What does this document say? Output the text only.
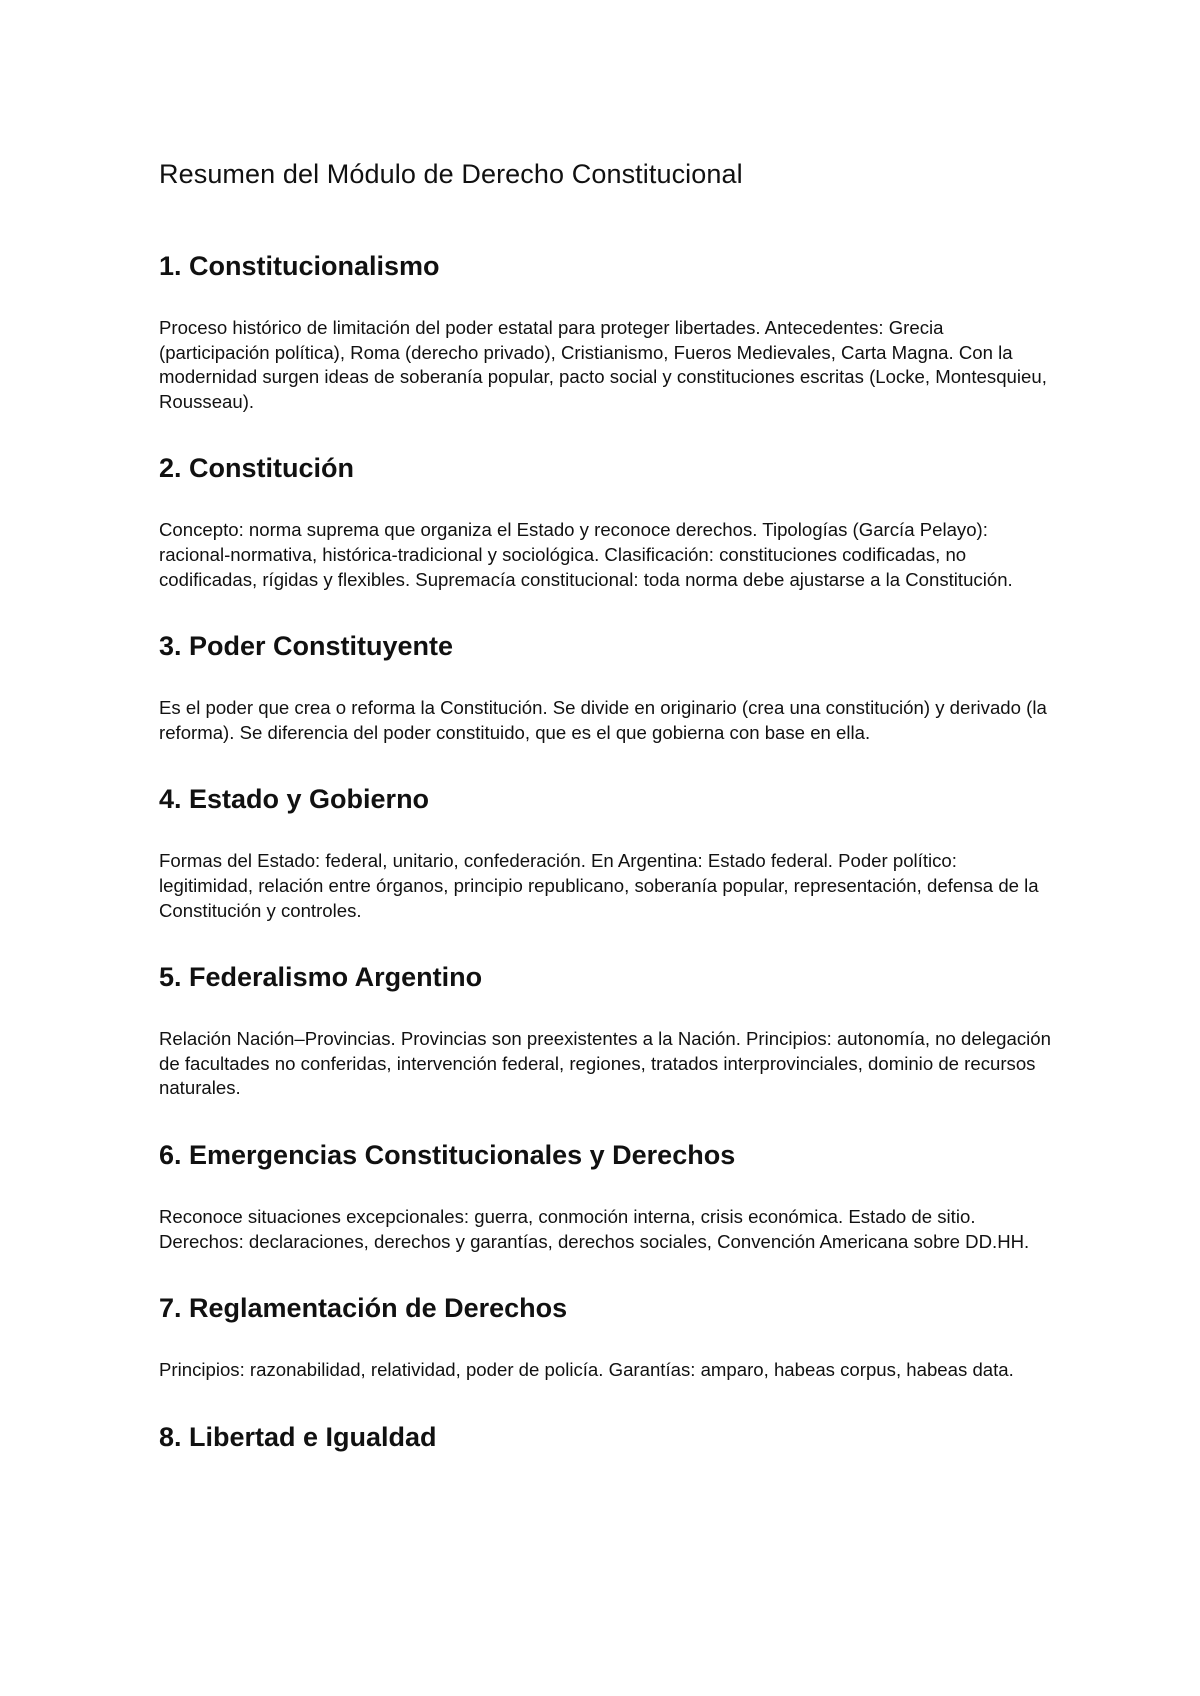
Resumen del Módulo de Derecho Constitucional
1. Constitucionalismo

Proceso histórico de limitación del poder estatal para proteger libertades. Antecedentes: Grecia (participación política), Roma (derecho privado), Cristianismo, Fueros Medievales, Carta Magna. Con la modernidad surgen ideas de soberanía popular, pacto social y constituciones escritas (Locke, Montesquieu, Rousseau).

2. Constitución

Concepto: norma suprema que organiza el Estado y reconoce derechos. Tipologías (García Pelayo): racional-normativa, histórica-tradicional y sociológica. Clasificación: constituciones codificadas, no codificadas, rígidas y flexibles. Supremacía constitucional: toda norma debe ajustarse a la Constitución.

3. Poder Constituyente

Es el poder que crea o reforma la Constitución. Se divide en originario (crea una constitución) y derivado (la reforma). Se diferencia del poder constituido, que es el que gobierna con base en ella.

4. Estado y Gobierno

Formas del Estado: federal, unitario, confederación. En Argentina: Estado federal. Poder político: legitimidad, relación entre órganos, principio republicano, soberanía popular, representación, defensa de la Constitución y controles.

5. Federalismo Argentino

Relación Nación–Provincias. Provincias son preexistentes a la Nación. Principios: autonomía, no delegación de facultades no conferidas, intervención federal, regiones, tratados interprovinciales, dominio de recursos naturales.

6. Emergencias Constitucionales y Derechos

Reconoce situaciones excepcionales: guerra, conmoción interna, crisis económica. Estado de sitio. Derechos: declaraciones, derechos y garantías, derechos sociales, Convención Americana sobre DD.HH.

7. Reglamentación de Derechos

Principios: razonabilidad, relatividad, poder de policía. Garantías: amparo, habeas corpus, habeas data.

8. Libertad e Igualdad
